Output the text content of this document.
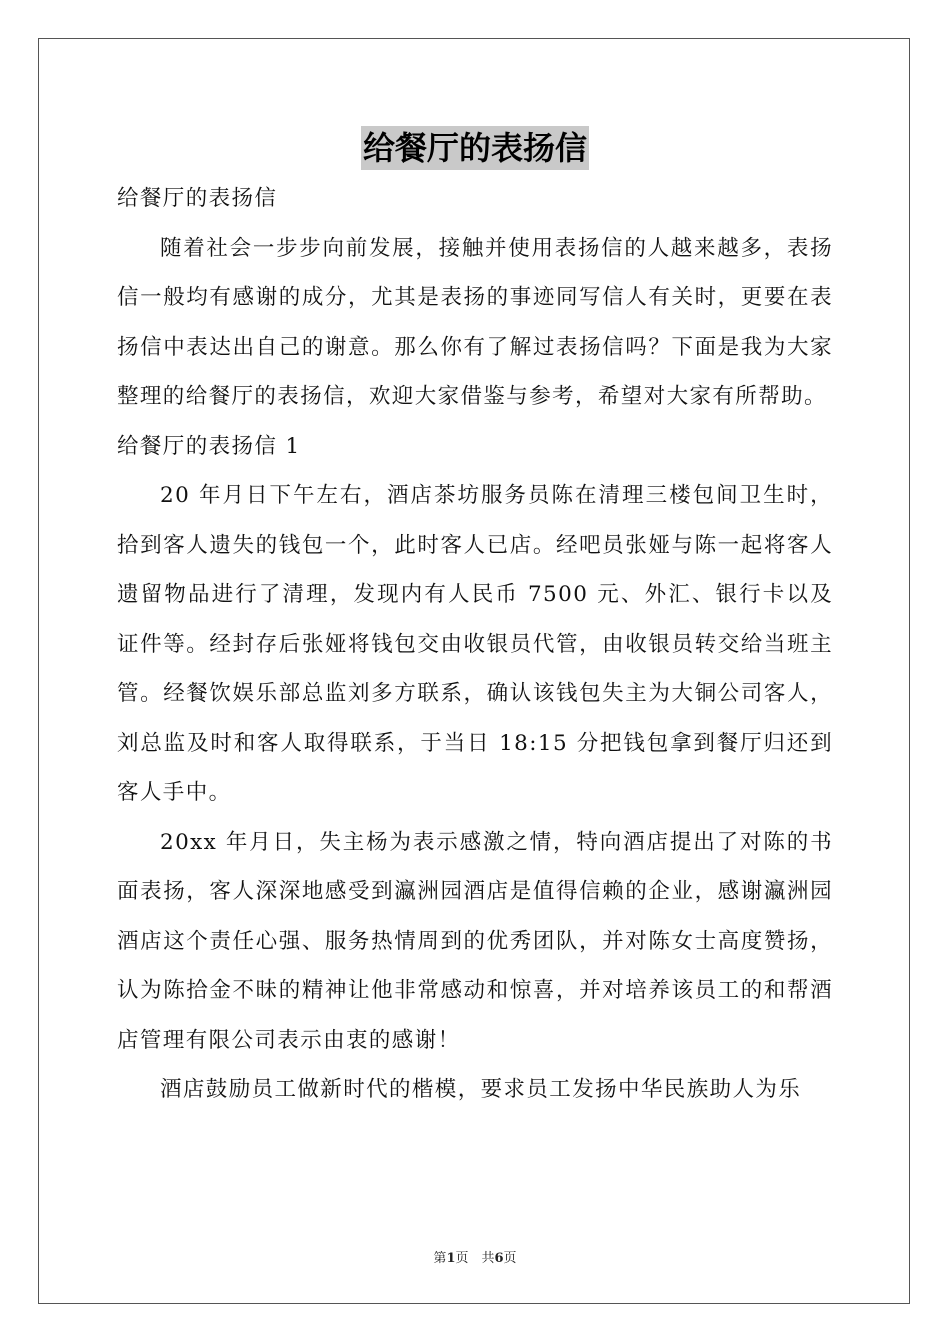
给餐厅的表扬信

给餐厅的表扬信

随着社会一步步向前发展，接触并使用表扬信的人越来越多，表扬信一般均有感谢的成分，尤其是表扬的事迹同写信人有关时，更要在表扬信中表达出自己的谢意。那么你有了解过表扬信吗？下面是我为大家整理的给餐厅的表扬信，欢迎大家借鉴与参考，希望对大家有所帮助。

给餐厅的表扬信 1

20 年月日下午左右，酒店茶坊服务员陈在清理三楼包间卫生时，拾到客人遗失的钱包一个，此时客人已店。经吧员张娅与陈一起将客人遗留物品进行了清理，发现内有人民币 7500 元、外汇、银行卡以及证件等。经封存后张娅将钱包交由收银员代管，由收银员转交给当班主管。经餐饮娱乐部总监刘多方联系，确认该钱包失主为大铜公司客人，刘总监及时和客人取得联系，于当日 18:15 分把钱包拿到餐厅归还到客人手中。

20xx 年月日，失主杨为表示感激之情，特向酒店提出了对陈的书面表扬，客人深深地感受到瀛洲园酒店是值得信赖的企业，感谢瀛洲园酒店这个责任心强、服务热情周到的优秀团队，并对陈女士高度赞扬，认为陈拾金不昧的精神让他非常感动和惊喜，并对培养该员工的和帮酒店管理有限公司表示由衷的感谢！

酒店鼓励员工做新时代的楷模，要求员工发扬中华民族助人为乐

第1页　共6页
